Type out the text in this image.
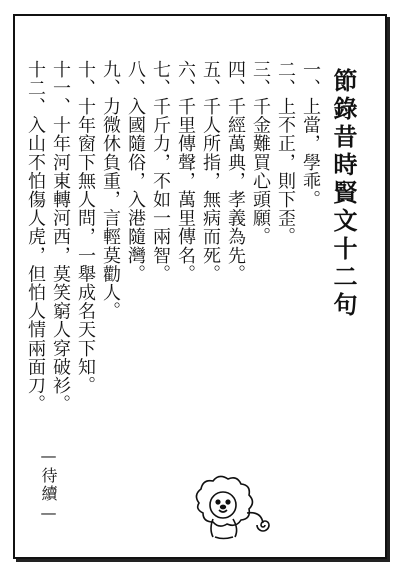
節錄昔時賢文十二句
一、上當，學乖。
二、上不正，則下歪。
三、千金難買心頭願。
四、千經萬典，孝義為先。
五、千人所指，無病而死。
六、千里傳聲，萬里傳名。
七、千斤力，不如一兩智。
八、入國隨俗，入港隨灣。
九、力微休負重，言輕莫勸人。
十、十年窗下無人問，一舉成名天下知。
十一、十年河東轉河西，莫笑窮人穿破衫。
十二、入山不怕傷人虎，但怕人情兩面刀。
—待續—
